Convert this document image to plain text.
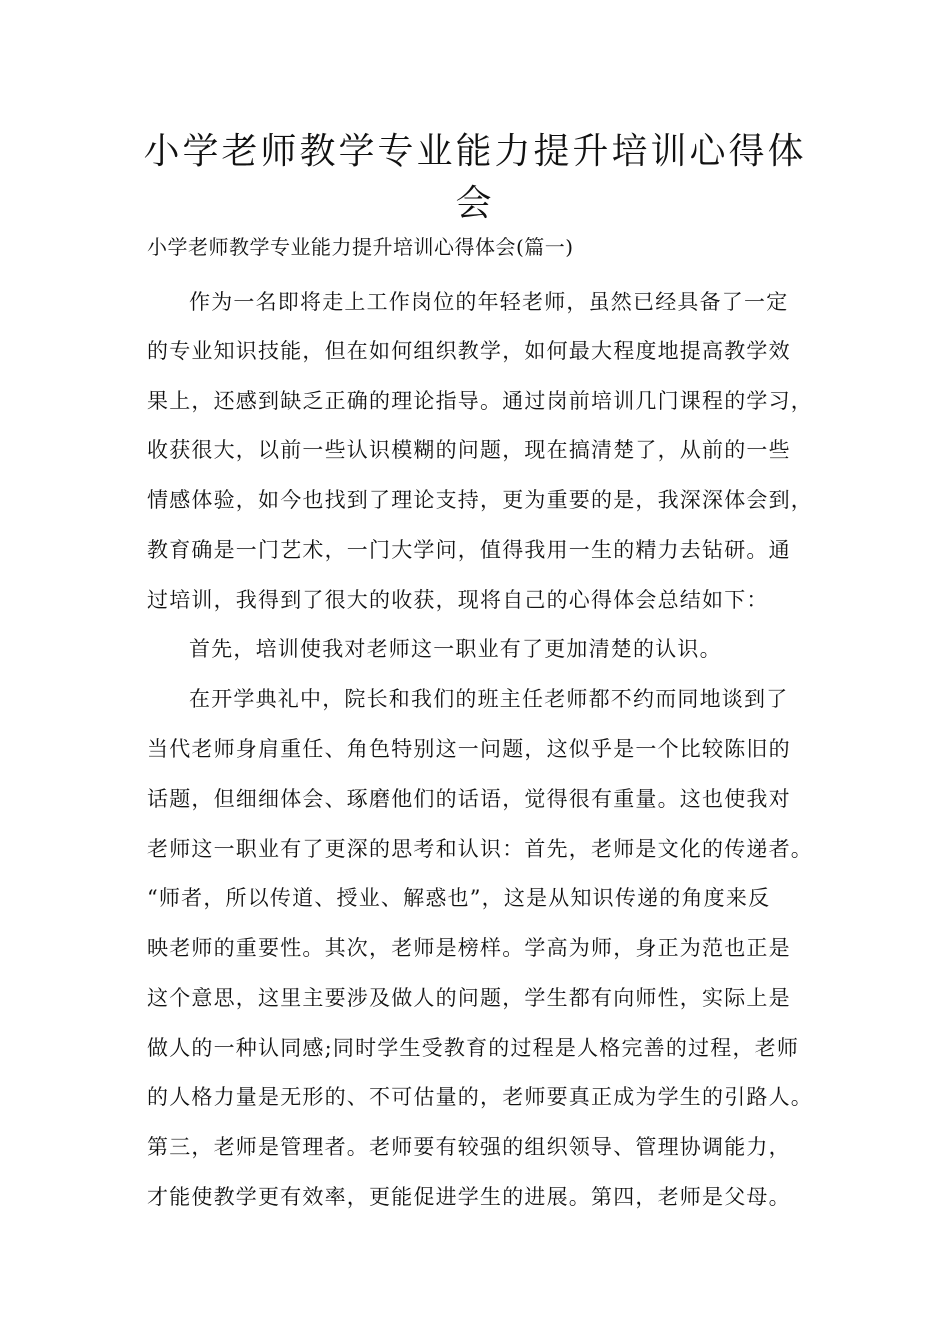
小学老师教学专业能力提升培训心得体
会
小学老师教学专业能力提升培训心得体会(篇一)
作为一名即将走上工作岗位的年轻老师，虽然已经具备了一定
的专业知识技能，但在如何组织教学，如何最大程度地提高教学效
果上，还感到缺乏正确的理论指导。通过岗前培训几门课程的学习，
收获很大，以前一些认识模糊的问题，现在搞清楚了，从前的一些
情感体验，如今也找到了理论支持，更为重要的是，我深深体会到，
教育确是一门艺术，一门大学问，值得我用一生的精力去钻研。通
过培训，我得到了很大的收获，现将自己的心得体会总结如下：
首先，培训使我对老师这一职业有了更加清楚的认识。
在开学典礼中，院长和我们的班主任老师都不约而同地谈到了
当代老师身肩重任、角色特别这一问题，这似乎是一个比较陈旧的
话题，但细细体会、琢磨他们的话语，觉得很有重量。这也使我对
老师这一职业有了更深的思考和认识：首先，老师是文化的传递者。
“师者，所以传道、授业、解惑也”，这是从知识传递的角度来反
映老师的重要性。其次，老师是榜样。学高为师，身正为范也正是
这个意思，这里主要涉及做人的问题，学生都有向师性，实际上是
做人的一种认同感;同时学生受教育的过程是人格完善的过程，老师
的人格力量是无形的、不可估量的，老师要真正成为学生的引路人。
第三，老师是管理者。老师要有较强的组织领导、管理协调能力，
才能使教学更有效率，更能促进学生的进展。第四，老师是父母。
